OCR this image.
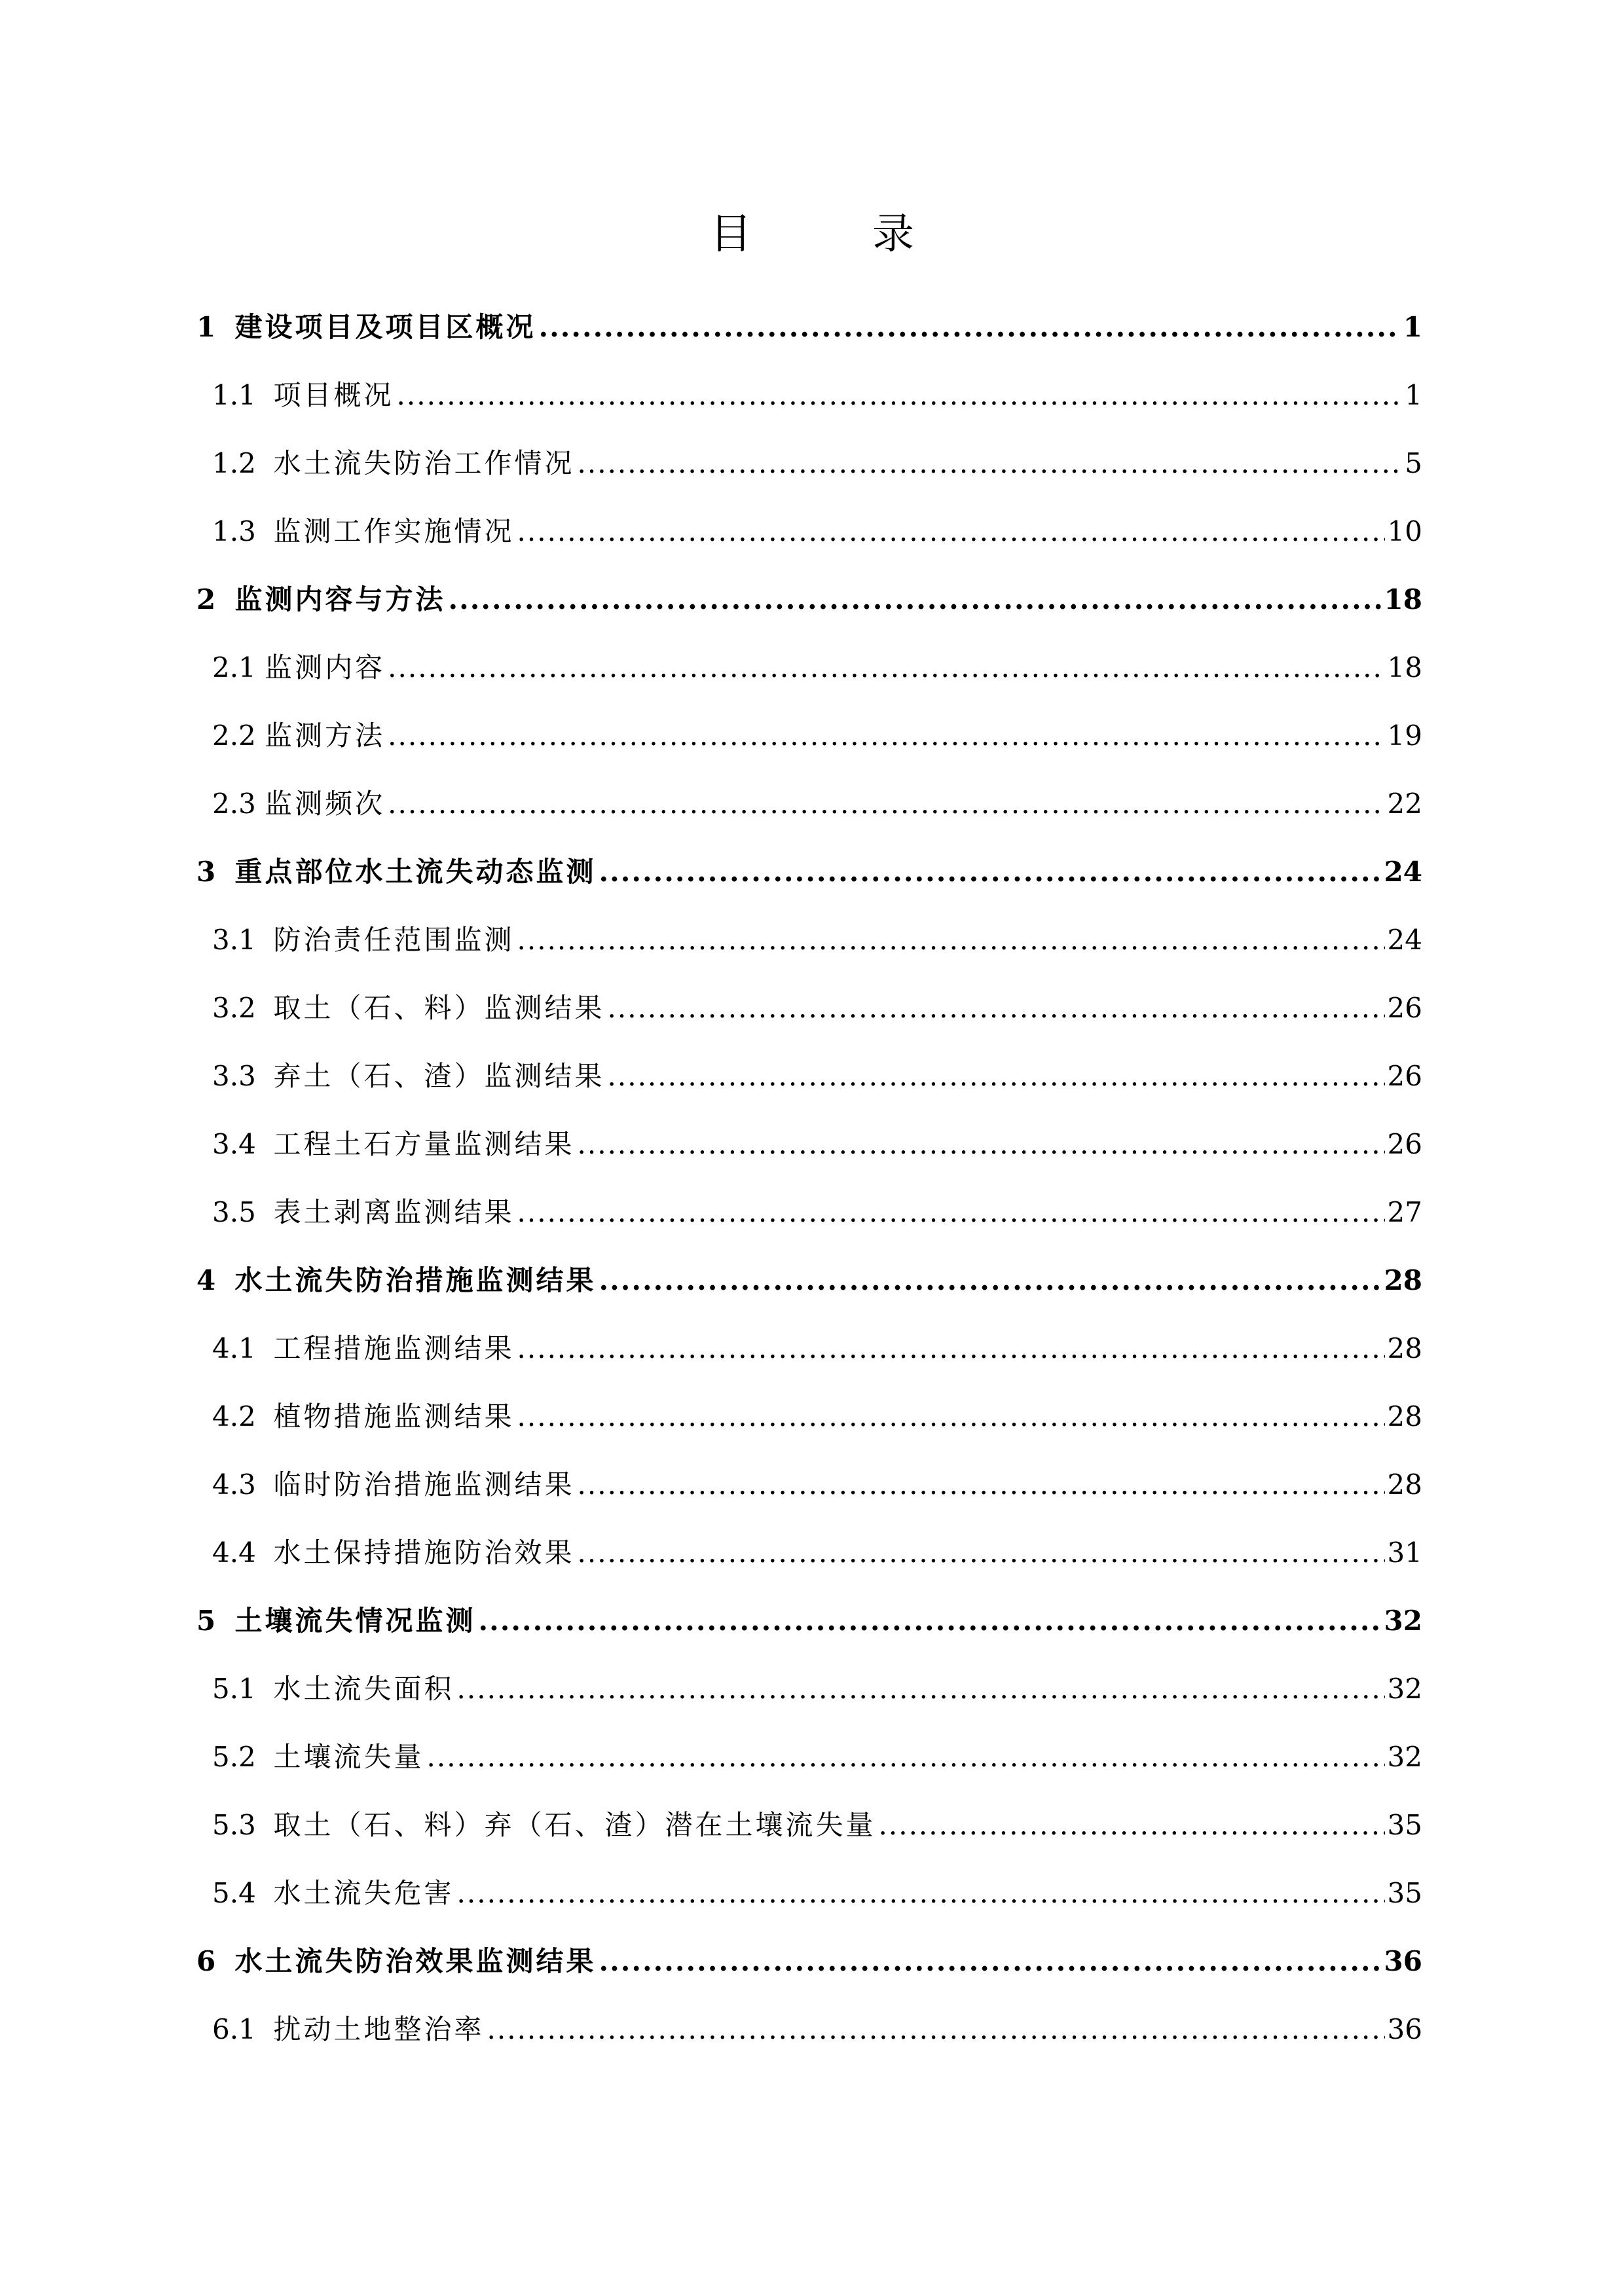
目　录
1 建设项目及项目区概况 .....	1
1.1 项目概况 .....	1
1.2 水土流失防治工作情况 .....	5
1.3 监测工作实施情况 .....	10
2 监测内容与方法 .....	18
2.1 监测内容 .....	18
2.2 监测方法 .....	19
2.3 监测频次 .....	22
3 重点部位水土流失动态监测 .....	24
3.1 防治责任范围监测 .....	24
3.2 取土（石、料）监测结果 .....	26
3.3 弃土（石、渣）监测结果 .....	26
3.4 工程土石方量监测结果 .....	26
3.5 表土剥离监测结果 .....	27
4 水土流失防治措施监测结果 .....	28
4.1 工程措施监测结果 .....	28
4.2 植物措施监测结果 .....	28
4.3 临时防治措施监测结果 .....	28
4.4 水土保持措施防治效果 .....	31
5 土壤流失情况监测 .....	32
5.1 水土流失面积 .....	32
5.2 土壤流失量 .....	32
5.3 取土（石、料）弃（石、渣）潜在土壤流失量 .....	35
5.4 水土流失危害 .....	35
6 水土流失防治效果监测结果 .....	36
6.1 扰动土地整治率 .....	36
